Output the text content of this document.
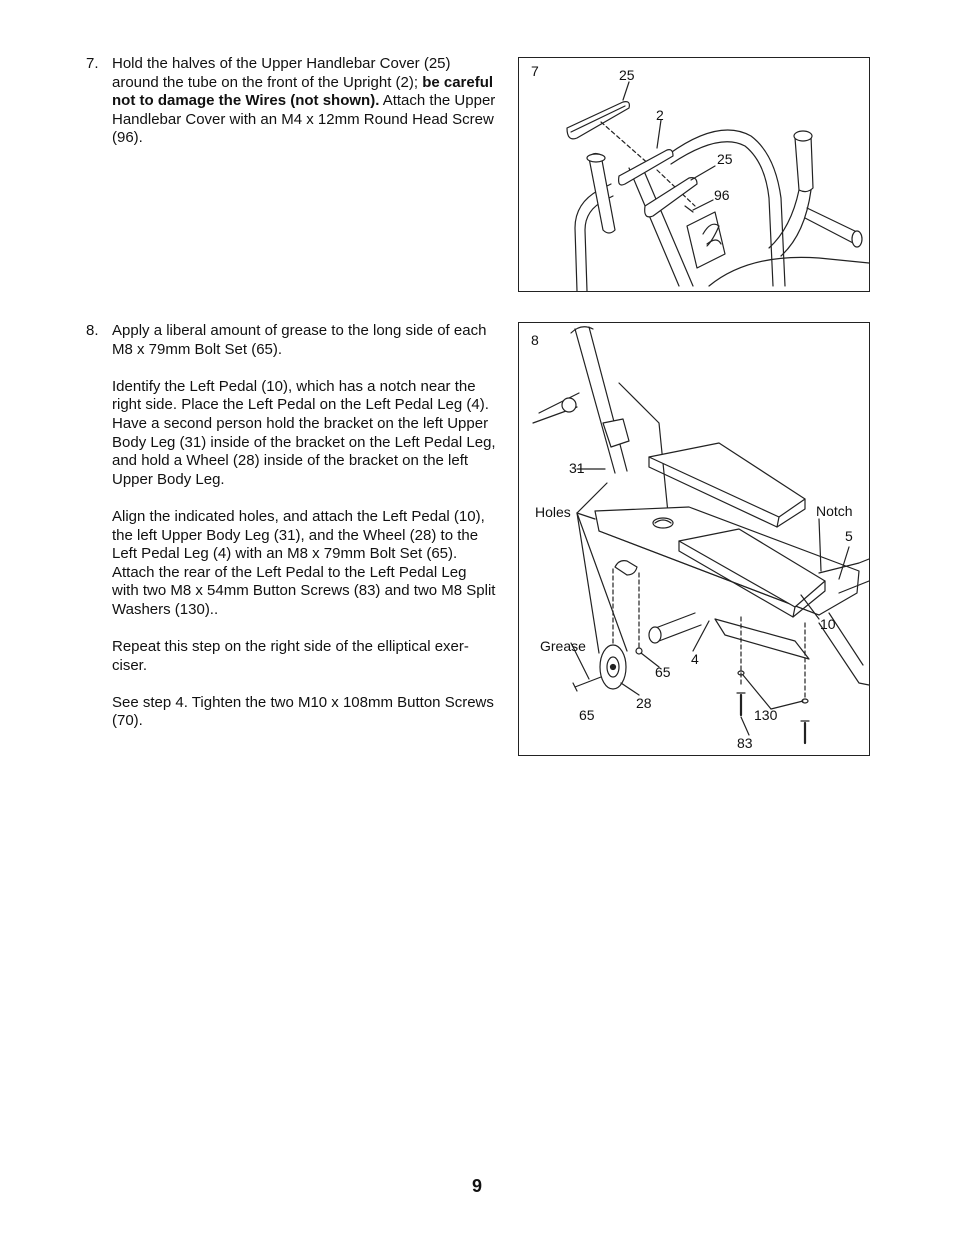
7. Hold the halves of the Upper Handlebar Cover (25) around the tube on the front of the Upright (2); be careful not to damage the Wires (not shown). Attach the Upper Handlebar Cover with an M4 x 12mm Round Head Screw (96).
8. Apply a liberal amount of grease to the long side of each M8 x 79mm Bolt Set (65).

Identify the Left Pedal (10), which has a notch near the right side. Place the Left Pedal on the Left Pedal Leg (4). Have a second person hold the bracket on the left Upper Body Leg (31) inside of the bracket on the Left Pedal Leg, and hold a Wheel (28) inside of the bracket on the left Upper Body Leg.

Align the indicated holes, and attach the Left Pedal (10), the left Upper Body Leg (31), and the Wheel (28) to the Left Pedal Leg (4) with an M8 x 79mm Bolt Set (65). Attach the rear of the Left Pedal to the Left Pedal Leg with two M8 x 54mm Button Screws (83) and two M8 Split Washers (130)..

Repeat this step on the right side of the elliptical exer-ciser.

See step 4. Tighten the two M10 x 108mm Button Screws (70).

7	25
2
25
96
8
31
Holes	Notch
5
10
Grease
65
4
28
65	130
83
9
